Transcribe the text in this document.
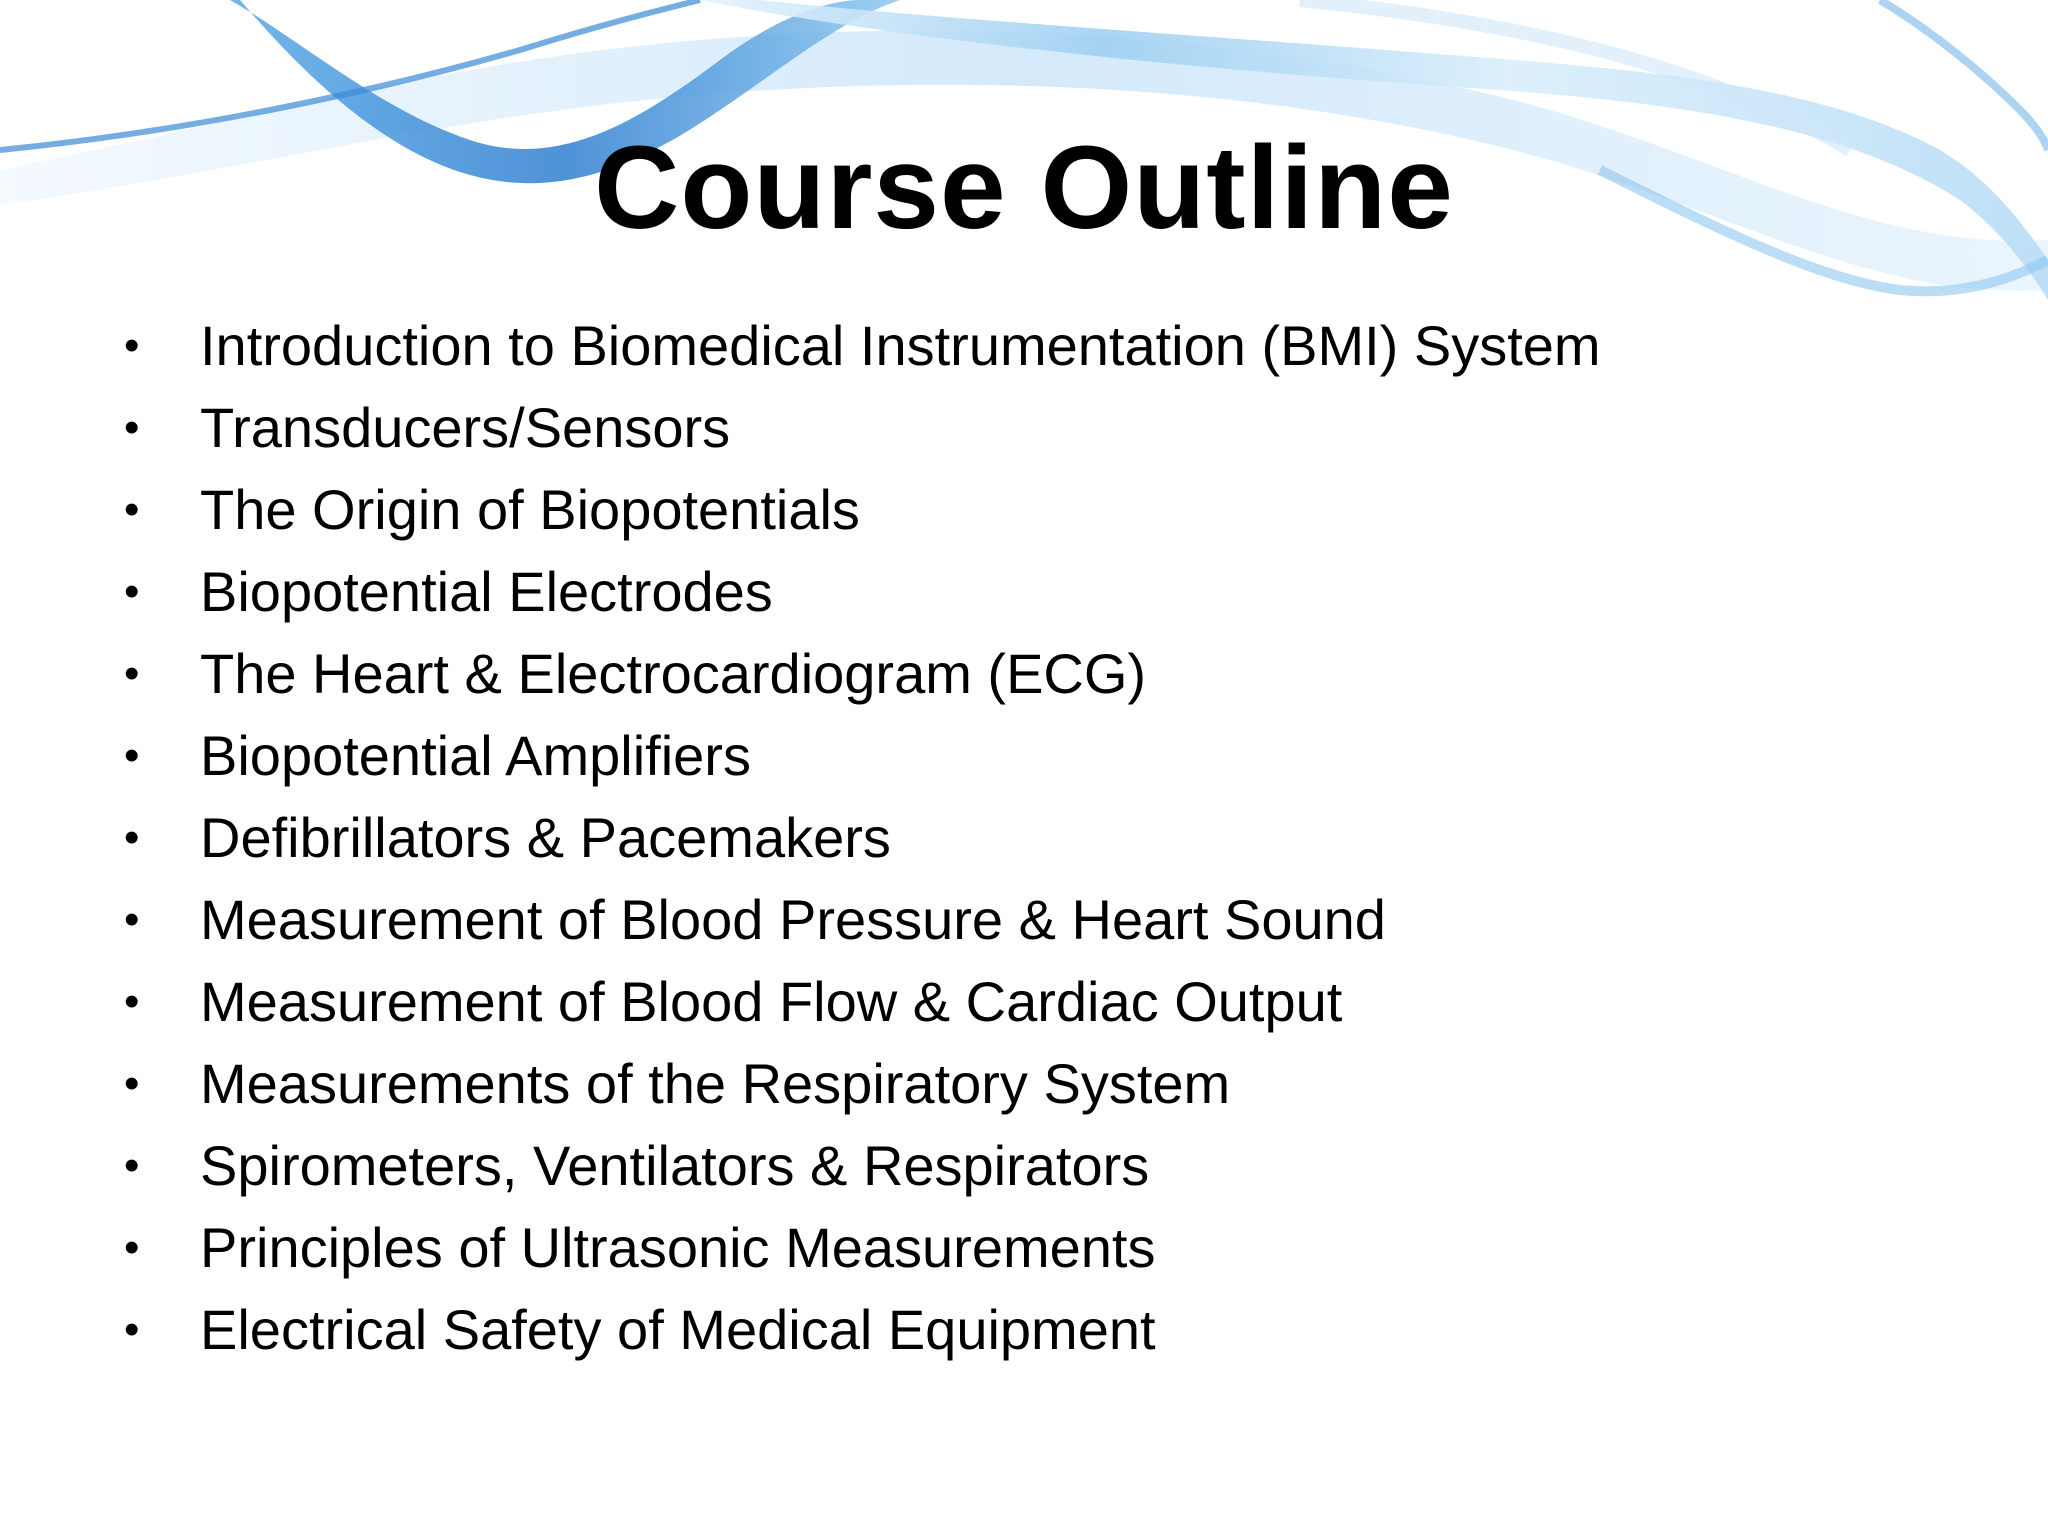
Course Outline
• Introduction to Biomedical Instrumentation (BMI) System
• Transducers/Sensors
• The Origin of Biopotentials
• Biopotential Electrodes
• The Heart & Electrocardiogram (ECG)
• Biopotential Amplifiers
• Defibrillators & Pacemakers
• Measurement of Blood Pressure & Heart Sound
• Measurement of Blood Flow & Cardiac Output
• Measurements of the Respiratory System
• Spirometers, Ventilators & Respirators
• Principles of Ultrasonic Measurements
• Electrical Safety of Medical Equipment
